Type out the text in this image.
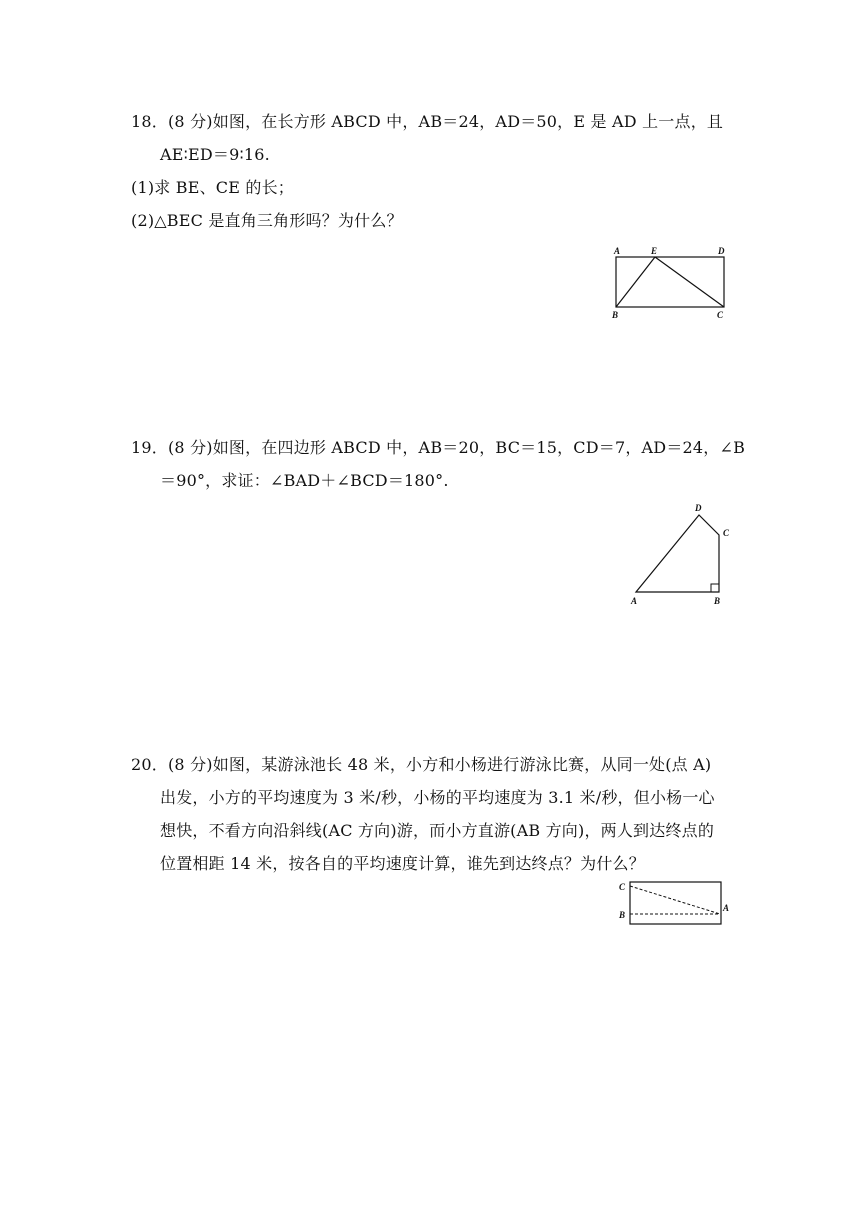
18．(8 分)如图，在长方形 ABCD 中，AB＝24，AD＝50，E 是 AD 上一点，且
AE∶ED＝9∶16.
(1)求 BE、CE 的长；
(2)△BEC 是直角三角形吗？为什么？
A	E	D
B	C
19．(8 分)如图，在四边形 ABCD 中，AB＝20，BC＝15，CD＝7，AD＝24，∠B
＝90°，求证：∠BAD＋∠BCD＝180°.
D
C
A	B
20．(8 分)如图，某游泳池长 48 米，小方和小杨进行游泳比赛，从同一处(点 A)
出发，小方的平均速度为 3 米/秒，小杨的平均速度为 3.1 米/秒，但小杨一心
想快，不看方向沿斜线(AC 方向)游，而小方直游(AB 方向)，两人到达终点的
位置相距 14 米，按各自的平均速度计算，谁先到达终点？为什么？
C
B
A
